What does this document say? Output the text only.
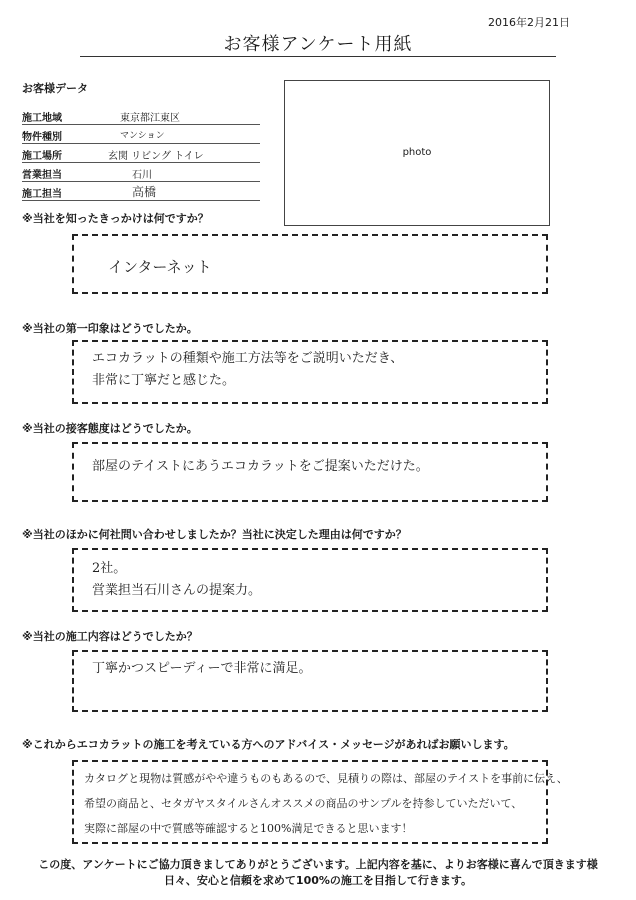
2016年2月21日
お客様アンケート用紙
お客様データ
施工地域	東京都江東区
物件種別	マンション
施工場所	玄関 リビング トイレ
営業担当	石川
施工担当	高橋
photo
※当社を知ったきっかけは何ですか？
インターネット
※当社の第一印象はどうでしたか。
エコカラットの種類や施工方法等をご説明いただき、
非常に丁寧だと感じた。
※当社の接客態度はどうでしたか。
部屋のテイストにあうエコカラットをご提案いただけた。
※当社のほかに何社問い合わせしましたか？当社に決定した理由は何ですか？
2社。
営業担当石川さんの提案力。
※当社の施工内容はどうでしたか？
丁寧かつスピーディーで非常に満足。
※これからエコカラットの施工を考えている方へのアドバイス・メッセージがあればお願いします。
カタログと現物は質感がやや違うものもあるので、見積りの際は、部屋のテイストを事前に伝え、
希望の商品と、セタガヤスタイルさんオススメの商品のサンプルを持参していただいて、
実際に部屋の中で質感等確認すると100%満足できると思います！
この度、アンケートにご協力頂きましてありがとうございます。上記内容を基に、よりお客様に喜んで頂きます様
日々、安心と信頼を求めて100%の施工を目指して行きます。
